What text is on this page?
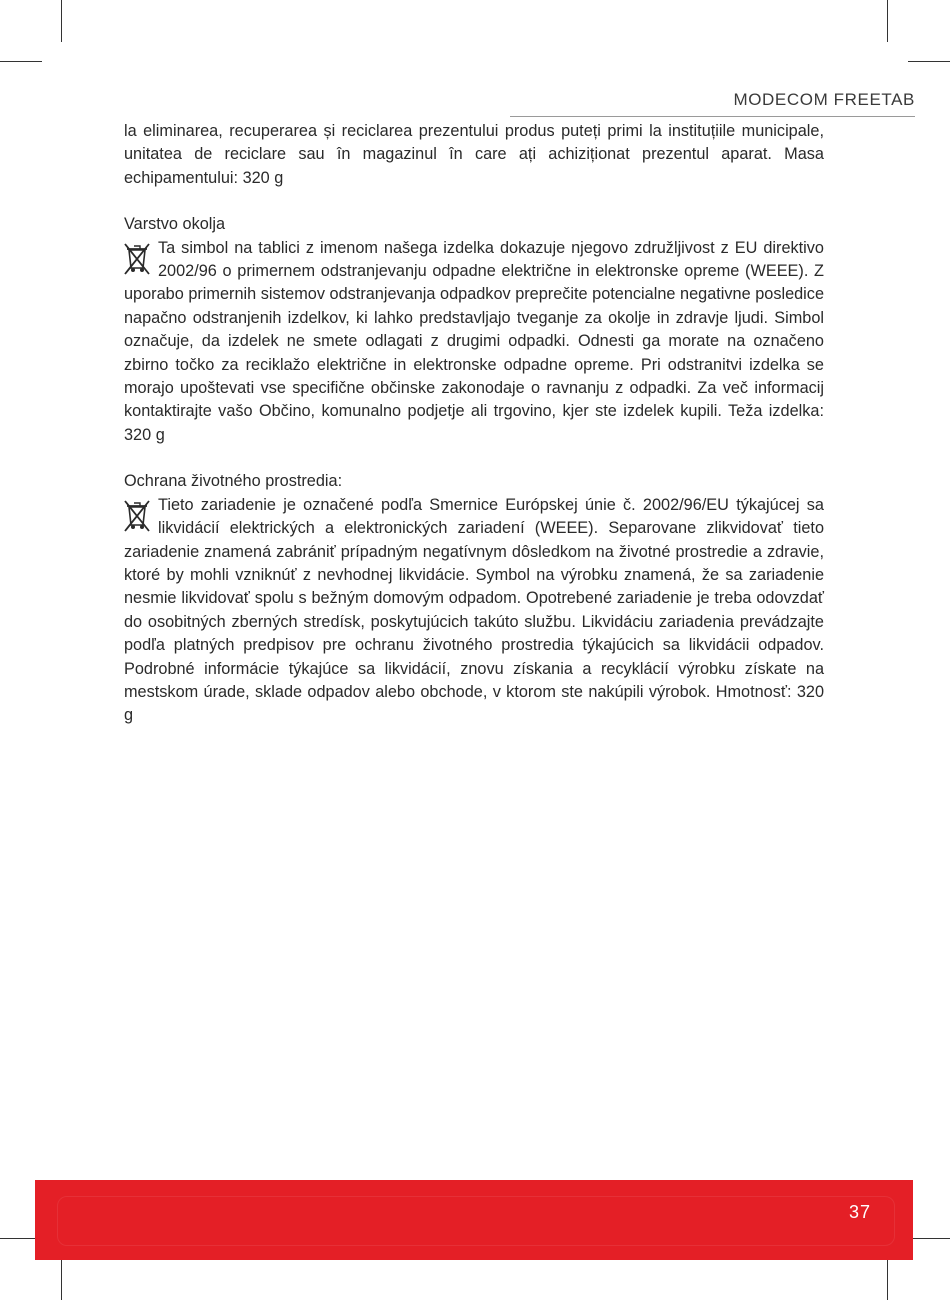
MODECOM FREETAB

la eliminarea, recuperarea și reciclarea prezentului produs puteți primi la instituțiile municipale, unitatea de reciclare sau în magazinul în care ați achiziționat prezentul aparat. Masa echipamentului: 320 g

Varstvo okolja

Ta simbol na tablici z imenom našega izdelka dokazuje njegovo združljivost z EU direktivo 2002/96 o primernem odstranjevanju odpadne električne in elektronske opreme (WEEE). Z uporabo primernih sistemov odstranjevanja odpadkov preprečite potencialne negativne posledice napačno odstranjenih izdelkov, ki lahko predstavljajo tveganje za okolje in zdravje ljudi. Simbol označuje, da izdelek ne smete odlagati z drugimi odpadki. Odnesti ga morate na označeno zbirno točko za reciklažo električne in elektronske odpadne opreme. Pri odstranitvi izdelka se morajo upoštevati vse specifične občinske zakonodaje o ravnanju z odpadki. Za več informacij kontaktirajte vašo Občino, komunalno podjetje ali trgovino, kjer ste izdelek kupili. Teža izdelka: 320 g

Ochrana životného prostredia:

Tieto zariadenie je označené podľa Smernice Európskej únie č. 2002/96/EU týkajúcej sa likvidácií elektrických a elektronických zariadení (WEEE). Separovane zlikvidovať tieto zariadenie znamená zabrániť prípadným negatívnym dôsledkom na životné prostredie a zdravie, ktoré by mohli vzniknúť z nevhodnej likvidácie. Symbol na výrobku znamená, že sa zariadenie nesmie likvidovať spolu s bežným domovým odpadom. Opotrebené zariadenie je treba odovzdať do osobitných zberných stredísk, poskytujúcich takúto službu. Likvidáciu zariadenia prevádzajte podľa platných predpisov pre ochranu životného prostredia týkajúcich sa likvidácii odpadov. Podrobné informácie týkajúce sa likvidácií, znovu získania a recyklácií výrobku získate na mestskom úrade, sklade odpadov alebo obchode, v ktorom ste nakúpili výrobok. Hmotnosť: 320 g

37
